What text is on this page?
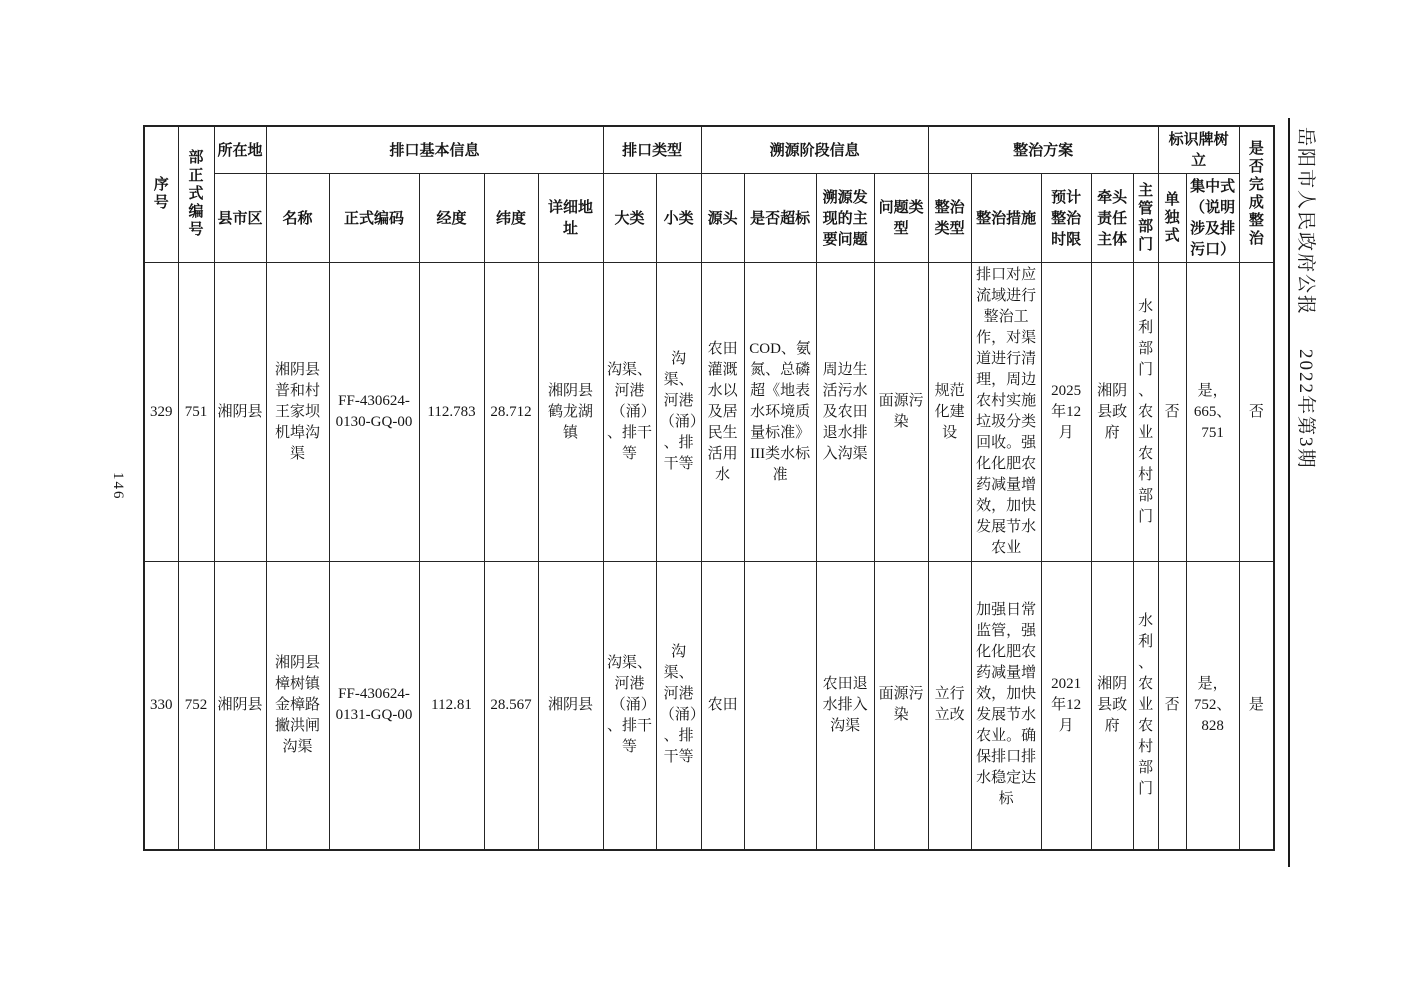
146
序号	部正式编号	所在地	排口基本信息					排口类型		溯源阶段信息				整治方案					标识牌树立		是否完成整治
		县市区	名称	正式编码	经度	纬度	详细地址	大类	小类	源头	是否超标	溯源发现的主要问题	问题类型	整治类型	整治措施	预计整治时限	牵头责任主体	主管部门	单独式	集中式（说明涉及排污口）	
329	751	湘阴县	湘阴县普和村王家坝机埠沟渠	FF-430624-0130-GQ-00	112.783	28.712	湘阴县鹤龙湖镇	沟渠、河港（涌）、排干等	沟渠、河港（涌）、排干等	农田灌溉水以及居民生活用水	COD、氨氮、总磷超《地表水环境质量标准》III类水标准	周边生活污水及农田退水排入沟渠	面源污染	规范化建设	排口对应流域进行整治工作，对渠道进行清理，周边农村实施垃圾分类回收。强化化肥农药减量增效，加快发展节水农业	2025年12月	湘阴县政府	水利部门、农业农村部门	否	是，665、751	否
330	752	湘阴县	湘阴县樟树镇金樟路撇洪闸沟渠	FF-430624-0131-GQ-00	112.81	28.567	湘阴县	沟渠、河港（涌）、排干等	沟渠、河港（涌）、排干等	农田		农田退水排入沟渠	面源污染	立行立改	加强日常监管，强化化肥农药减量增效，加快发展节水农业。确保排口排水稳定达标	2021年12月	湘阴县政府	水利、农业农村部门	否	是，752、828	是
岳阳市人民政府公报 2022年第3期
